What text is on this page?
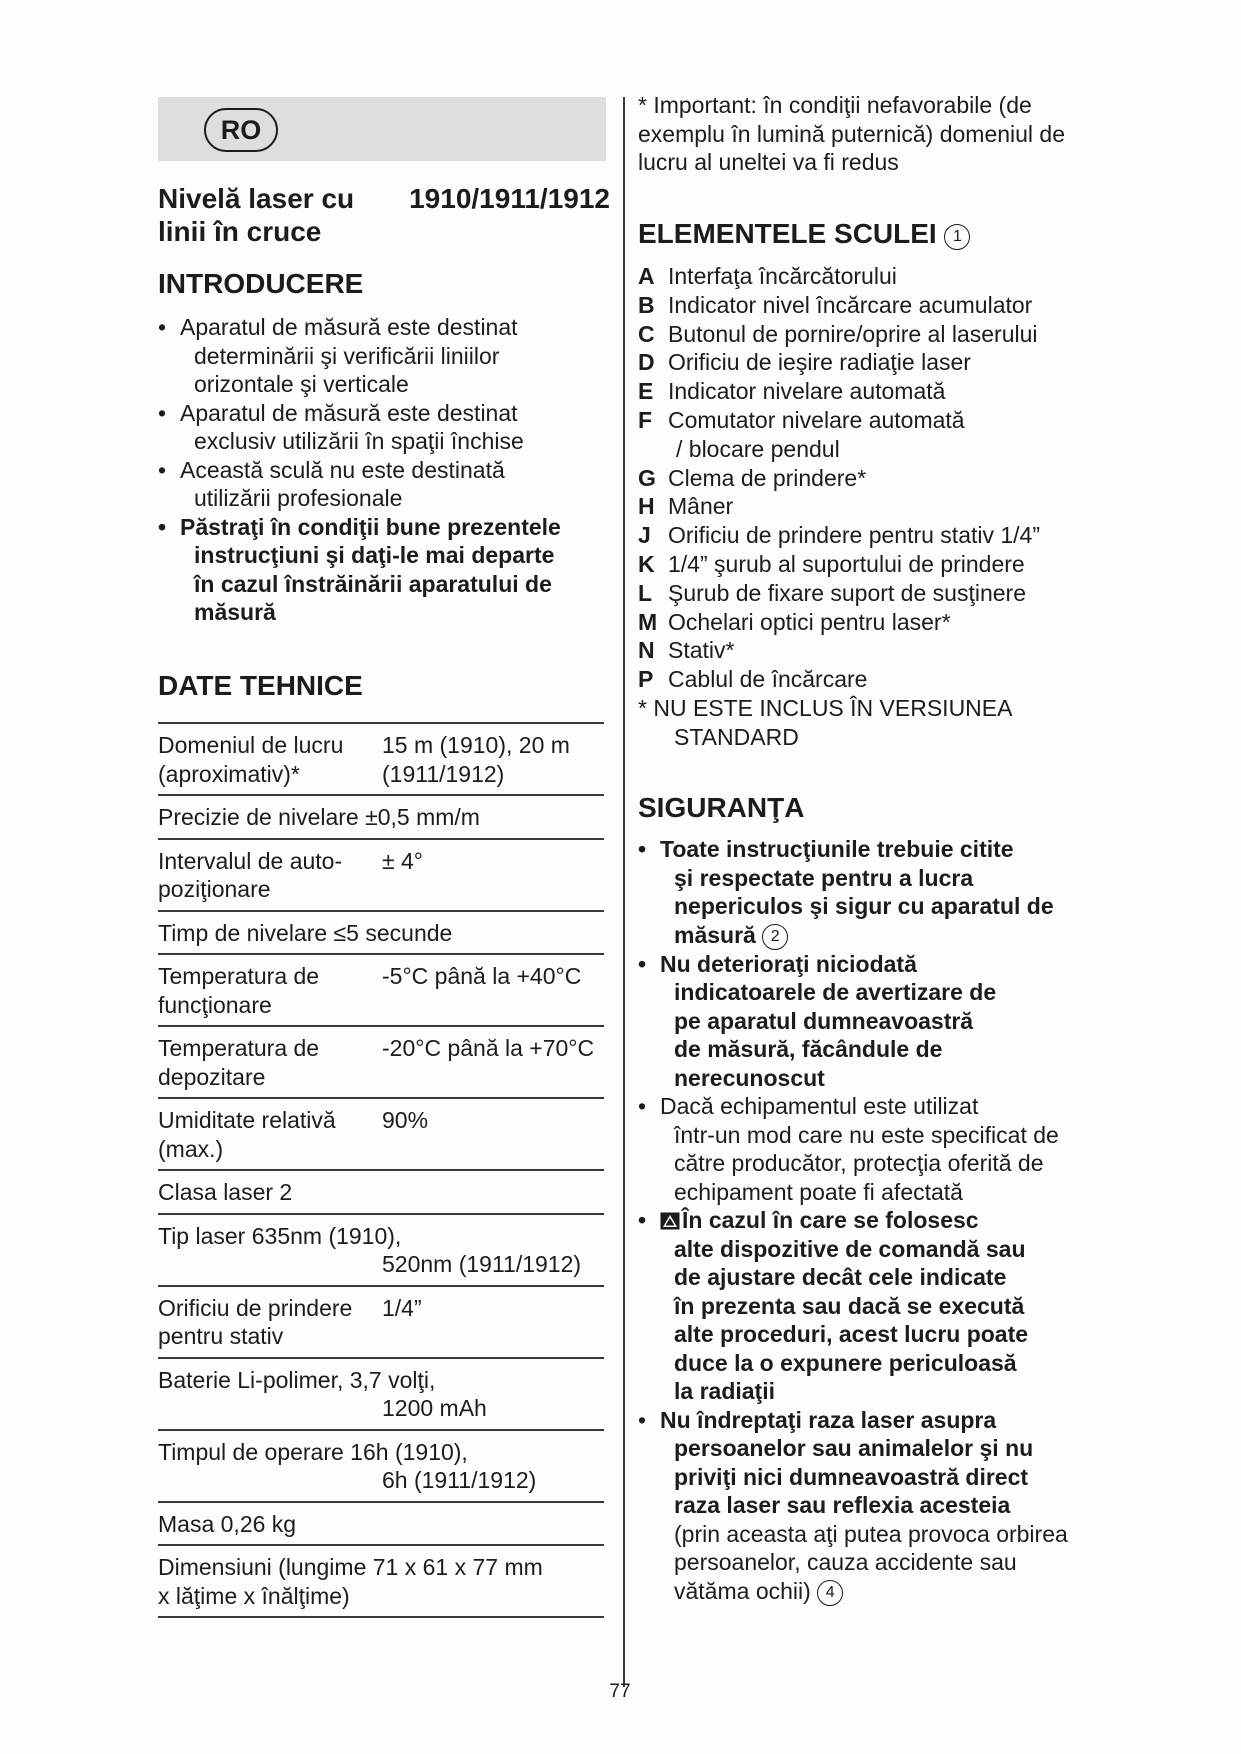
RO
Nivelă laser cu
linii în cruce
1910/1911/1912
INTRODUCERE
• Aparatul de măsură este destinat
determinării şi verificării liniilor
orizontale şi verticale
• Aparatul de măsură este destinat
exclusiv utilizării în spaţii închise
• Această sculă nu este destinată
utilizării profesionale
• Păstraţi în condiţii bune prezentele
instrucţiuni şi daţi-le mai departe
în cazul înstrăinării aparatului de
măsură
DATE TEHNICE
Domeniul de lucru (aproximativ)*	15 m (1910), 20 m (1911/1912)
Precizie de nivelare ±0,5 mm/m	
Intervalul de auto-poziţionare	± 4°
Timp de nivelare ≤5 secunde	
Temperatura de funcţionare	-5°C până la +40°C
Temperatura de depozitare	-20°C până la +70°C
Umiditate relativă (max.)	90%
Clasa laser 2	
Tip laser 635nm (1910),
520nm (1911/1912)	

Orificiu de prindere pentru stativ	1/4”
Baterie Li-polimer, 3,7 volţi,
1200 mAh	

Timpul de operare 16h (1910),
6h (1911/1912)	

Masa 0,26 kg	

Dimensiuni (lungime 71 x 61 x 77 mm
x lăţime x înălţime)	
* Important: în condiţii nefavorabile (de exemplu în lumină puternică) domeniul de lucru al uneltei va fi redus
ELEMENTELE SCULEI 1
A Interfaţa încărcătorului
B Indicator nivel încărcare acumulator
C Butonul de pornire/oprire al laserului
D Orificiu de ieşire radiaţie laser
E Indicator nivelare automată
F Comutator nivelare automată
/ blocare pendul
G Clema de prindere*
H Mâner
J Orificiu de prindere pentru stativ 1/4”
K 1/4” şurub al suportului de prindere
L Şurub de fixare suport de susţinere
M Ochelari optici pentru laser*
N Stativ*
P Cablul de încărcare
* NU ESTE INCLUS ÎN VERSIUNEA
STANDARD
SIGURANŢA
• Toate instrucţiunile trebuie citite
şi respectate pentru a lucra
nepericulos şi sigur cu aparatul de
măsură 2
• Nu deterioraţi niciodată
indicatoarele de avertizare de
pe aparatul dumneavoastră
de măsură, făcândule de
nerecunoscut
• Dacă echipamentul este utilizat
într-un mod care nu este specificat de
către producător, protecţia oferită de
echipament poate fi afectată
• În cazul în care se folosesc
alte dispozitive de comandă sau
de ajustare decât cele indicate
în prezenta sau dacă se execută
alte proceduri, acest lucru poate
duce la o expunere periculoasă
la radiaţii
• Nu îndreptaţi raza laser asupra
persoanelor sau animalelor şi nu
priviţi nici dumneavoastră direct
raza laser sau reflexia acesteia
(prin aceasta aţi putea provoca orbirea
persoanelor, cauza accidente sau
vătăma ochii) 4
77
